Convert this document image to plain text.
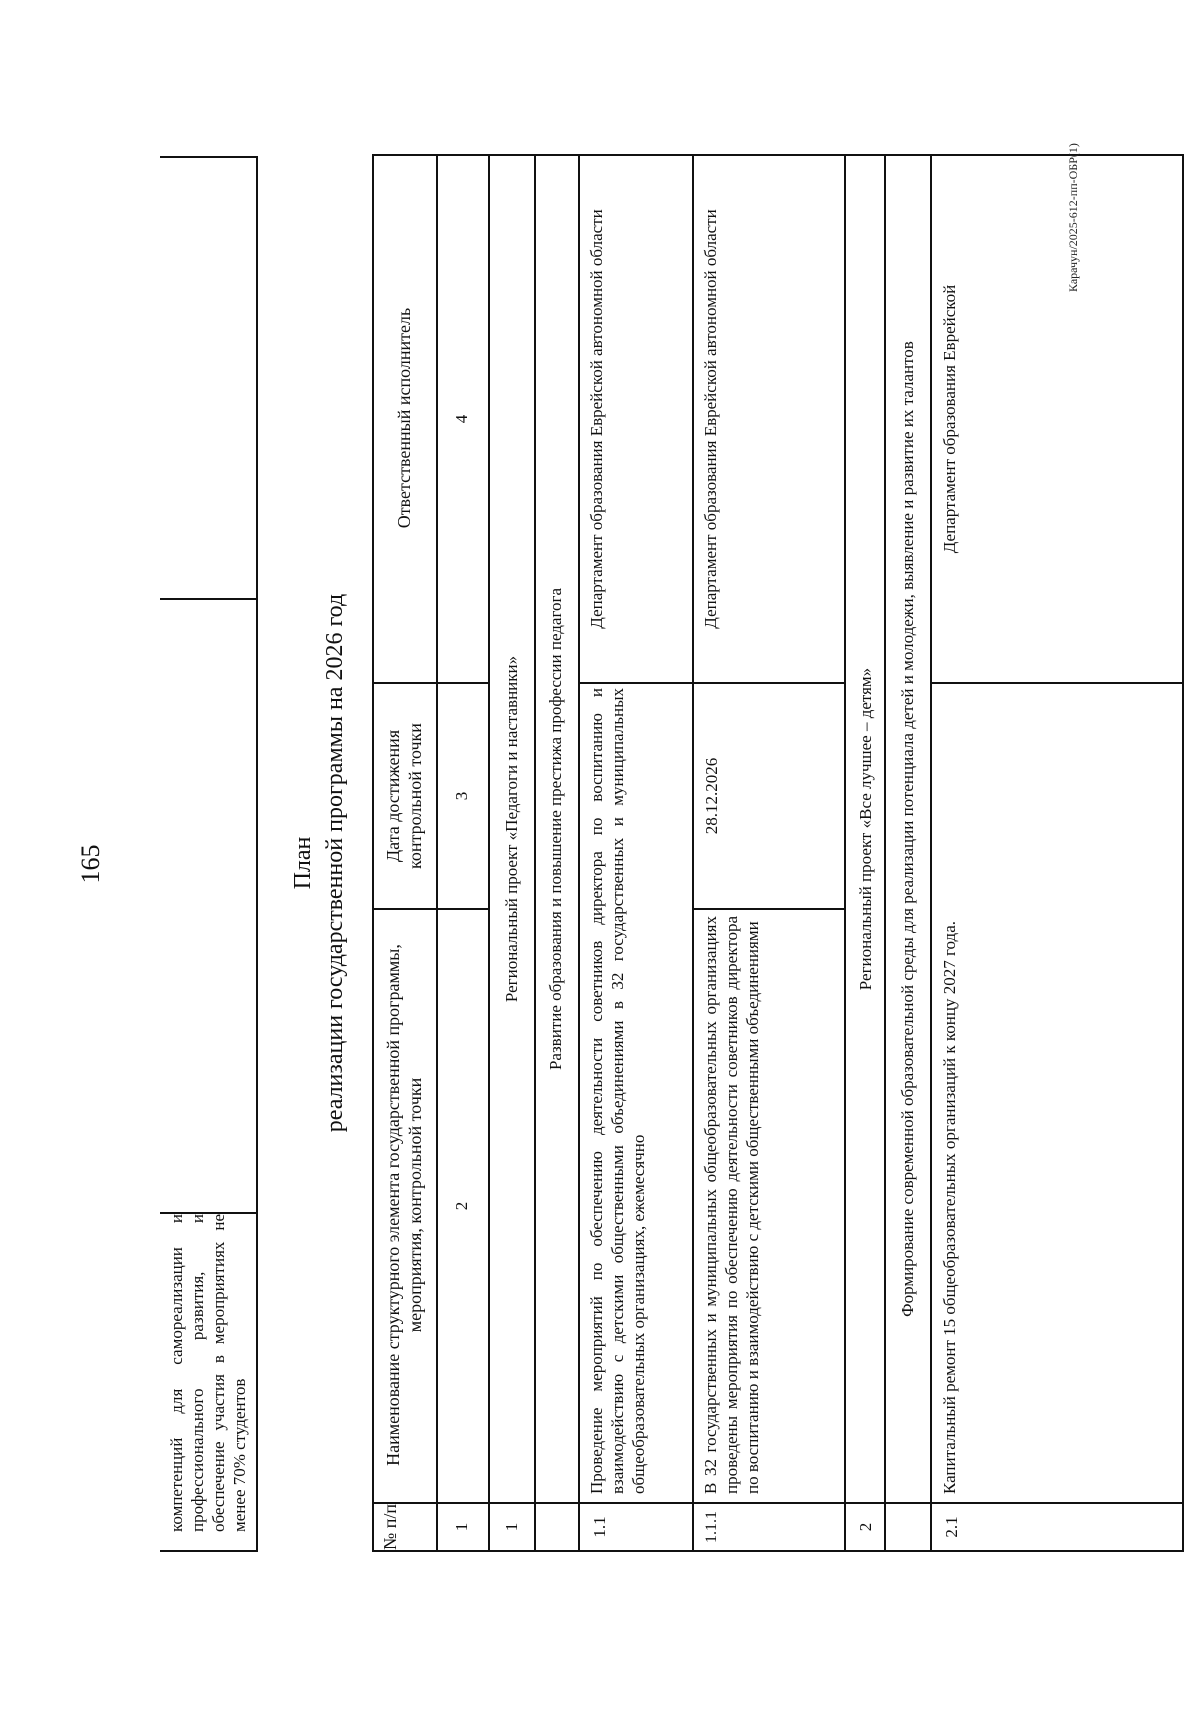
165
компетенций для самореализации и профессионального развития, и обеспечение участия в мероприятиях не менее 70% студентов
План реализации государственной программы на 2026 год
№ п/п
Наименование структурного элемента государственной программы, мероприятия, контрольной точки
Дата достижения контрольной точки
Ответственный исполнитель
1
2
3
4
1
Региональный проект «Педагоги и наставники» Развитие образования и повышение престижа профессии педагога
1.1
Проведение мероприятий по обеспечению деятельности советников директора по воспитанию и взаимодействию с детскими общественными объединениями в 32 государственных и муниципальных общеобразовательных организациях, ежемесячно
Департамент образования Еврейской автономной области
1.1.1
В 32 государственных и муниципальных общеобразовательных организациях проведены мероприятия по обеспечению деятельности советников директора по воспитанию и взаимодействию с детскими общественными объединениями
28.12.2026
Департамент образования Еврейской автономной области
2
Региональный проект «Все лучшее – детям» Формирование современной образовательной среды для реализации потенциала детей и молодежи, выявление и развитие их талантов
2.1
Капитальный ремонт 15 общеобразовательных организаций к концу 2027 года.
Департамент образования Еврейской
Карачун/2025-612-пп-ОБР(1)
